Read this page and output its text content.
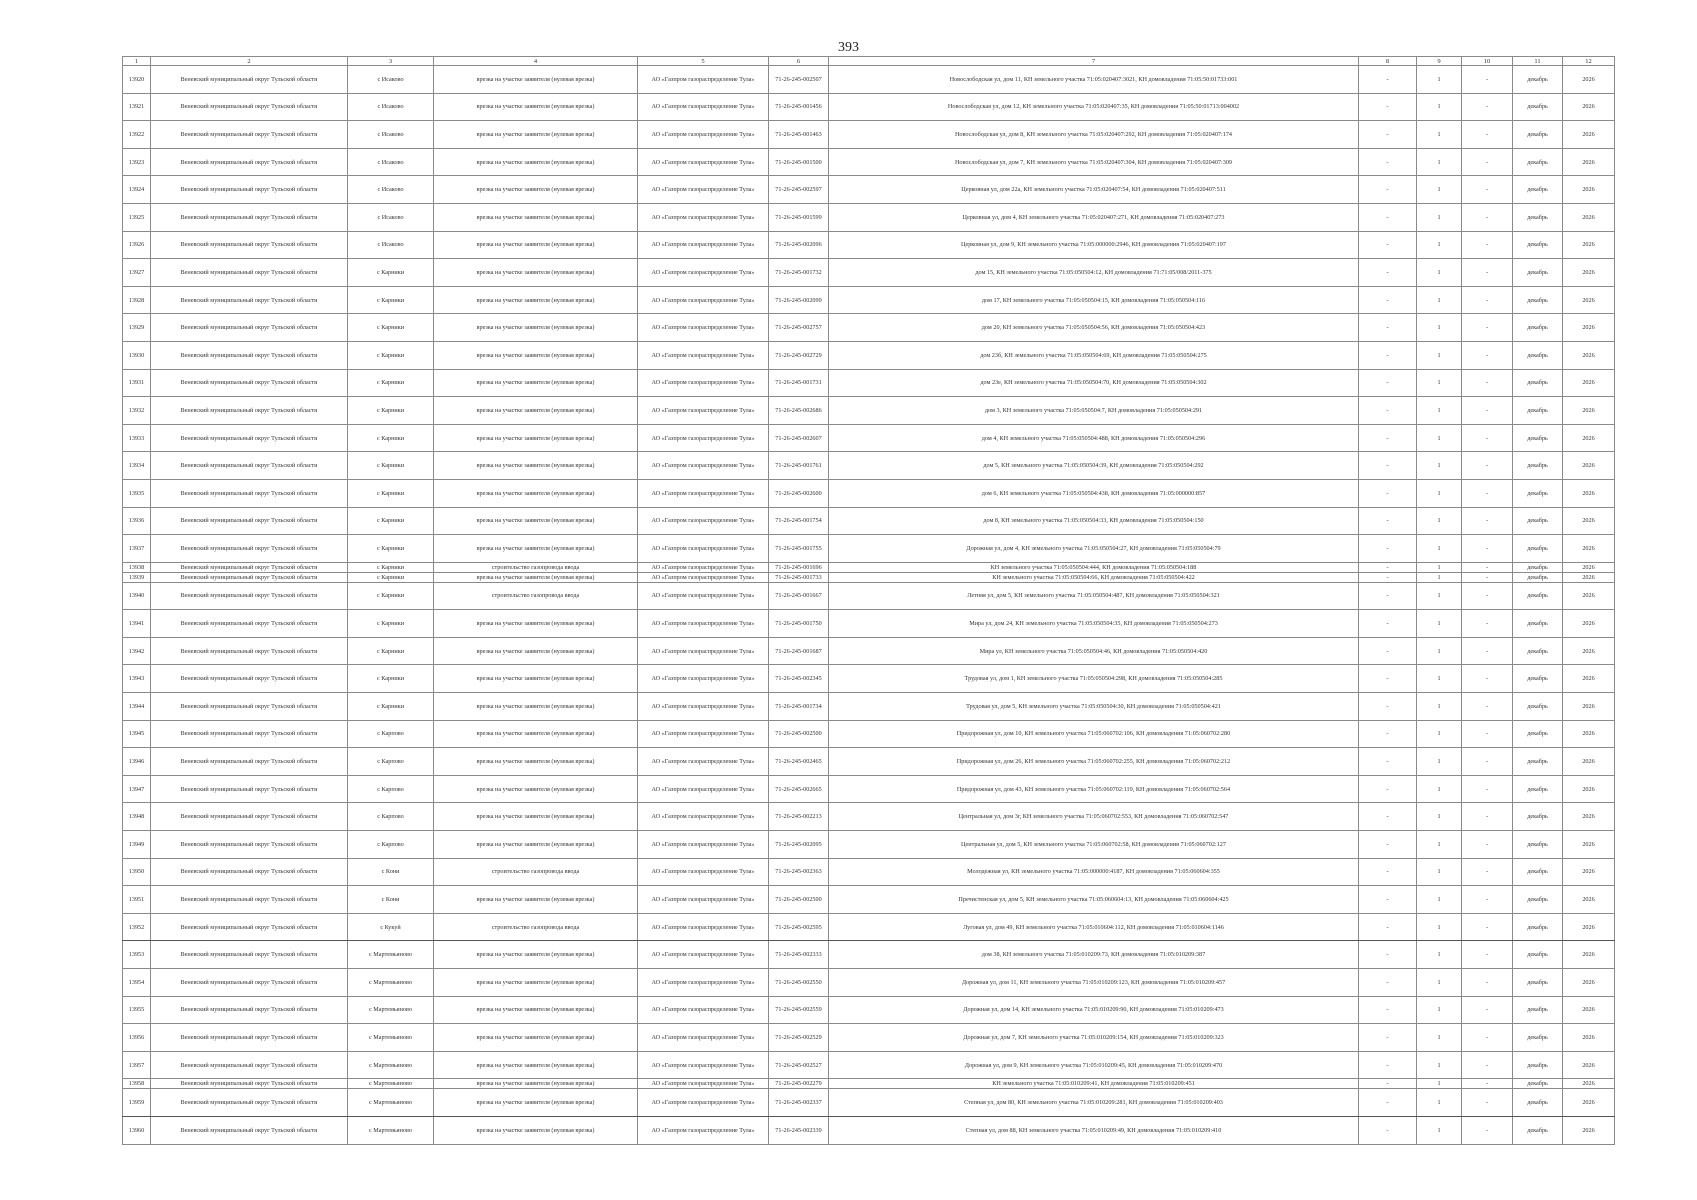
393
1	2	3	4	5	6	7	8	9	10	11	12
13920	Веневский муниципальный округ Тульской области	с Исаково	врезка на участке заявителя (нулевая врезка)	АО «Газпром газораспределение Тула»	71-26-245-002507	Новослободская ул, дом 11, КН земельного участка 71:05:020407:3021, КН домовладения 71:05:50:01733:001	-	1	-	декабрь	2026
13921	Веневский муниципальный округ Тульской области	с Исаково	врезка на участке заявителя (нулевая врезка)	АО «Газпром газораспределение Тула»	71-26-245-001456	Новослободская ул, дом 12, КН земельного участка 71:05:020407:35, КН домовладения 71:05:50:01713:004002	-	1	-	декабрь	2026
13922	Веневский муниципальный округ Тульской области	с Исаково	врезка на участке заявителя (нулевая врезка)	АО «Газпром газораспределение Тула»	71-26-245-001463	Новослободская ул, дом 8, КН земельного участка 71:05:020407:292, КН домовладения 71:05:020407:174	-	1	-	декабрь	2026
13923	Веневский муниципальный округ Тульской области	с Исаково	врезка на участке заявителя (нулевая врезка)	АО «Газпром газораспределение Тула»	71-26-245-001500	Новослободская ул, дом 7, КН земельного участка 71:05:020407:304, КН домовладения 71:05:020407:309	-	1	-	декабрь	2026
13924	Веневский муниципальный округ Тульской области	с Исаково	врезка на участке заявителя (нулевая врезка)	АО «Газпром газораспределение Тула»	71-26-245-002597	Церковная ул, дом 22а, КН земельного участка 71:05:020407:54, КН домовладения 71:05:020407:511	-	1	-	декабрь	2026
13925	Веневский муниципальный округ Тульской области	с Исаково	врезка на участке заявителя (нулевая врезка)	АО «Газпром газораспределение Тула»	71-26-245-001599	Церковная ул, дом 4, КН земельного участка 71:05:020407:271, КН домовладения 71:05:020407:273	-	1	-	декабрь	2026
13926	Веневский муниципальный округ Тульской области	с Исаково	врезка на участке заявителя (нулевая врезка)	АО «Газпром газораспределение Тула»	71-26-245-002096	Церковная ул, дом 9, КН земельного участка 71:05:000000:2946, КН домовладения 71:05:020407:197	-	1	-	декабрь	2026
13927	Веневский муниципальный округ Тульской области	с Карники	врезка на участке заявителя (нулевая врезка)	АО «Газпром газораспределение Тула»	71-26-245-001732	дом 15, КН земельного участка 71:05:050504:12, КН домовладения 71:71:05/008/2011-375	-	1	-	декабрь	2026
13928	Веневский муниципальный округ Тульской области	с Карники	врезка на участке заявителя (нулевая врезка)	АО «Газпром газораспределение Тула»	71-26-245-002099	дом 17, КН земельного участка 71:05:050504:15, КН домовладения 71:05:050504:116	-	1	-	декабрь	2026
13929	Веневский муниципальный округ Тульской области	с Карники	врезка на участке заявителя (нулевая врезка)	АО «Газпром газораспределение Тула»	71-26-245-002757	дом 20, КН земельного участка 71:05:050504:56, КН домовладения 71:05:050504:423	-	1	-	декабрь	2026
13930	Веневский муниципальный округ Тульской области	с Карники	врезка на участке заявителя (нулевая врезка)	АО «Газпром газораспределение Тула»	71-26-245-002729	дом 23б, КН земельного участка 71:05:050504:69, КН домовладения 71:05:050504:275	-	1	-	декабрь	2026
13931	Веневский муниципальный округ Тульской области	с Карники	врезка на участке заявителя (нулевая врезка)	АО «Газпром газораспределение Тула»	71-26-245-001731	дом 23е, КН земельного участка 71:05:050504:70, КН домовладения 71:05:050504:302	-	1	-	декабрь	2026
13932	Веневский муниципальный округ Тульской области	с Карники	врезка на участке заявителя (нулевая врезка)	АО «Газпром газораспределение Тула»	71-26-245-002686	дом 3, КН земельного участка 71:05:050504:7, КН домовладения 71:05:050504:291	-	1	-	декабрь	2026
13933	Веневский муниципальный округ Тульской области	с Карники	врезка на участке заявителя (нулевая врезка)	АО «Газпром газораспределение Тула»	71-26-245-002607	дом 4, КН земельного участка 71:05:050504:488, КН домовладения 71:05:050504:296	-	1	-	декабрь	2026
13934	Веневский муниципальный округ Тульской области	с Карники	врезка на участке заявителя (нулевая врезка)	АО «Газпром газораспределение Тула»	71-26-245-001761	дом 5, КН земельного участка 71:05:050504:39, КН домовладения 71:05:050504:292	-	1	-	декабрь	2026
13935	Веневский муниципальный округ Тульской области	с Карники	врезка на участке заявителя (нулевая врезка)	АО «Газпром газораспределение Тула»	71-26-245-002600	дом 6, КН земельного участка 71:05:050504:438, КН домовладения 71:05:000000:857	-	1	-	декабрь	2026
13936	Веневский муниципальный округ Тульской области	с Карники	врезка на участке заявителя (нулевая врезка)	АО «Газпром газораспределение Тула»	71-26-245-001754	дом 8, КН земельного участка 71:05:050504:33, КН домовладения 71:05:050504:150	-	1	-	декабрь	2026
13937	Веневский муниципальный округ Тульской области	с Карники	врезка на участке заявителя (нулевая врезка)	АО «Газпром газораспределение Тула»	71-26-245-001755	Дорожная ул, дом 4, КН земельного участка 71:05:050504:27, КН домовладения 71:05:050504:79	-	1	-	декабрь	2026
13938	Веневский муниципальный округ Тульской области	с Карники	строительство газопровода ввода	АО «Газпром газораспределение Тула»	71-26-245-001696	КН земельного участка 71:05:050504:444, КН домовладения 71:05:050504:188	-	1	-	декабрь	2026
13939	Веневский муниципальный округ Тульской области	с Карники	врезка на участке заявителя (нулевая врезка)	АО «Газпром газораспределение Тула»	71-26-245-001733	КН земельного участка 71:05:050504:66, КН домовладения 71:05:050504:422	-	1	-	декабрь	2026
13940	Веневский муниципальный округ Тульской области	с Карники	строительство газопровода ввода	АО «Газпром газораспределение Тула»	71-26-245-001667	Летняя ул, дом 5, КН земельного участка 71:05:050504:487, КН домовладения 71:05:050504:321	-	1	-	декабрь	2026
13941	Веневский муниципальный округ Тульской области	с Карники	врезка на участке заявителя (нулевая врезка)	АО «Газпром газораспределение Тула»	71-26-245-001750	Мира ул, дом 24, КН земельного участка 71:05:050504:35, КН домовладения 71:05:050504:273	-	1	-	декабрь	2026
13942	Веневский муниципальный округ Тульской области	с Карники	врезка на участке заявителя (нулевая врезка)	АО «Газпром газораспределение Тула»	71-26-245-001687	Мира ул, КН земельного участка 71:05:050504:46, КН домовладения 71:05:050504:420	-	1	-	декабрь	2026
13943	Веневский муниципальный округ Тульской области	с Карники	врезка на участке заявителя (нулевая врезка)	АО «Газпром газораспределение Тула»	71-26-245-002345	Трудовая ул, дом 1, КН земельного участка 71:05:050504:298, КН домовладения 71:05:050504:285	-	1	-	декабрь	2026
13944	Веневский муниципальный округ Тульской области	с Карники	врезка на участке заявителя (нулевая врезка)	АО «Газпром газораспределение Тула»	71-26-245-001734	Трудовая ул, дом 5, КН земельного участка 71:05:050504:30, КН домовладения 71:05:050504:421	-	1	-	декабрь	2026
13945	Веневский муниципальный округ Тульской области	с Карпово	врезка на участке заявителя (нулевая врезка)	АО «Газпром газораспределение Тула»	71-26-245-002500	Придорожная ул, дом 10, КН земельного участка 71:05:060702:106, КН домовладения 71:05:060702:280	-	1	-	декабрь	2026
13946	Веневский муниципальный округ Тульской области	с Карпово	врезка на участке заявителя (нулевая врезка)	АО «Газпром газораспределение Тула»	71-26-245-002465	Придорожная ул, дом 26, КН земельного участка 71:05:060702:255, КН домовладения 71:05:060702:212	-	1	-	декабрь	2026
13947	Веневский муниципальный округ Тульской области	с Карпово	врезка на участке заявителя (нулевая врезка)	АО «Газпром газораспределение Тула»	71-26-245-002665	Придорожная ул, дом 43, КН земельного участка 71:05:060702:119, КН домовладения 71:05:060702:564	-	1	-	декабрь	2026
13948	Веневский муниципальный округ Тульской области	с Карпово	врезка на участке заявителя (нулевая врезка)	АО «Газпром газораспределение Тула»	71-26-245-002213	Центральная ул, дом 3г, КН земельного участка 71:05:060702:553, КН домовладения 71:05:060702:547	-	1	-	декабрь	2026
13949	Веневский муниципальный округ Тульской области	с Карпово	врезка на участке заявителя (нулевая врезка)	АО «Газпром газораспределение Тула»	71-26-245-002095	Центральная ул, дом 5, КН земельного участка 71:05:060702:58, КН домовладения 71:05:060702:127	-	1	-	декабрь	2026
13950	Веневский муниципальный округ Тульской области	с Кони	строительство газопровода ввода	АО «Газпром газораспределение Тула»	71-26-245-002363	Молодежная ул, КН земельного участка 71:05:000000:4187, КН домовладения 71:05:060604:355	-	1	-	декабрь	2026
13951	Веневский муниципальный округ Тульской области	с Кони	врезка на участке заявителя (нулевая врезка)	АО «Газпром газораспределение Тула»	71-26-245-002500	Пречистенская ул, дом 5, КН земельного участка 71:05:060604:13, КН домовладения 71:05:060604:425	-	1	-	декабрь	2026
13952	Веневский муниципальный округ Тульской области	с Кукуй	строительство газопровода ввода	АО «Газпром газораспределение Тула»	71-26-245-002595	Луговая ул, дом 49, КН земельного участка 71:05:010604:112, КН домовладения 71:05:010604:1146	-	1	-	декабрь	2026
13953	Веневский муниципальный округ Тульской области	с Мартемьяново	врезка на участке заявителя (нулевая врезка)	АО «Газпром газораспределение Тула»	71-26-245-002333	дом 38, КН земельного участка 71:05:010209:73, КН домовладения 71:05:010209:387	-	1	-	декабрь	2026
13954	Веневский муниципальный округ Тульской области	с Мартемьяново	врезка на участке заявителя (нулевая врезка)	АО «Газпром газораспределение Тула»	71-26-245-002550	Дорожная ул, дом 11, КН земельного участка 71:05:010209:123, КН домовладения 71:05:010209:457	-	1	-	декабрь	2026
13955	Веневский муниципальный округ Тульской области	с Мартемьяново	врезка на участке заявителя (нулевая врезка)	АО «Газпром газораспределение Тула»	71-26-245-002559	Дорожная ул, дом 14, КН земельного участка 71:05:010209:90, КН домовладения 71:05:010209:473	-	1	-	декабрь	2026
13956	Веневский муниципальный округ Тульской области	с Мартемьяново	врезка на участке заявителя (нулевая врезка)	АО «Газпром газораспределение Тула»	71-26-245-002529	Дорожная ул, дом 7, КН земельного участка 71:05:010209:154, КН домовладения 71:05:010209:323	-	1	-	декабрь	2026
13957	Веневский муниципальный округ Тульской области	с Мартемьяново	врезка на участке заявителя (нулевая врезка)	АО «Газпром газораспределение Тула»	71-26-245-002527	Дорожная ул, дом 9, КН земельного участка 71:05:010209:45, КН домовладения 71:05:010209:470	-	1	-	декабрь	2026
13958	Веневский муниципальный округ Тульской области	с Мартемьяново	врезка на участке заявителя (нулевая врезка)	АО «Газпром газораспределение Тула»	71-26-245-002279	КН земельного участка 71:05:010209:41, КН домовладения 71:05:010209:451	-	1	-	декабрь	2026
13959	Веневский муниципальный округ Тульской области	с Мартемьяново	врезка на участке заявителя (нулевая врезка)	АО «Газпром газораспределение Тула»	71-26-245-002337	Степная ул, дом 80, КН земельного участка 71:05:010209:281, КН домовладения 71:05:010209:403	-	1	-	декабрь	2026
13960	Веневский муниципальный округ Тульской области	с Мартемьяново	врезка на участке заявителя (нулевая врезка)	АО «Газпром газораспределение Тула»	71-26-245-002339	Степная ул, дом 88, КН земельного участка 71:05:010209:49, КН домовладения 71:05:010209:410	-	1	-	декабрь	2026
